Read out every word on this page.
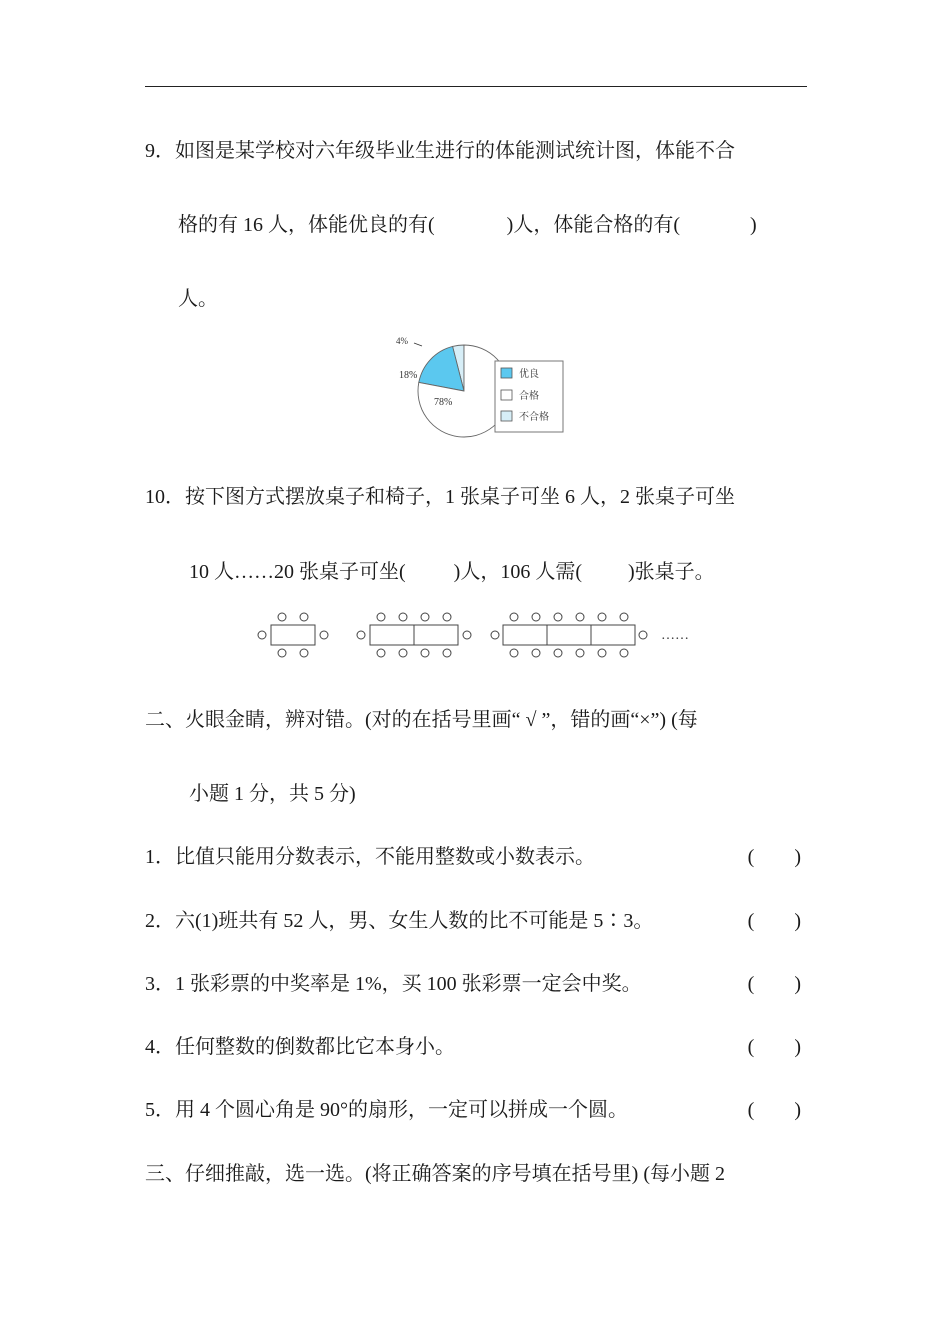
9．如图是某学校对六年级毕业生进行的体能测试统计图，体能不合
格的有 16 人，体能优良的有(	)人，体能合格的有(	)
人。
4%
18%
78%
优良
合格
不合格
10．按下图方式摆放桌子和椅子，1 张桌子可坐 6 人，2 张桌子可坐
10 人……20 张桌子可坐( )人，106 人需( )张桌子。
……
二、火眼金睛，辨对错。(对的在括号里画“ √ ”，错的画“×”) (每
小题 1 分，共 5 分)
1．比值只能用分数表示，不能用整数或小数表示。	(　　)
2．六(1)班共有 52 人，男、女生人数的比不可能是 5∶3。	(　　)
3．1 张彩票的中奖率是 1%，买 100 张彩票一定会中奖。	(　　)
4．任何整数的倒数都比它本身小。	(　　)
5．用 4 个圆心角是 90°的扇形，一定可以拼成一个圆。	(　　)
三、仔细推敲，选一选。(将正确答案的序号填在括号里) (每小题 2
